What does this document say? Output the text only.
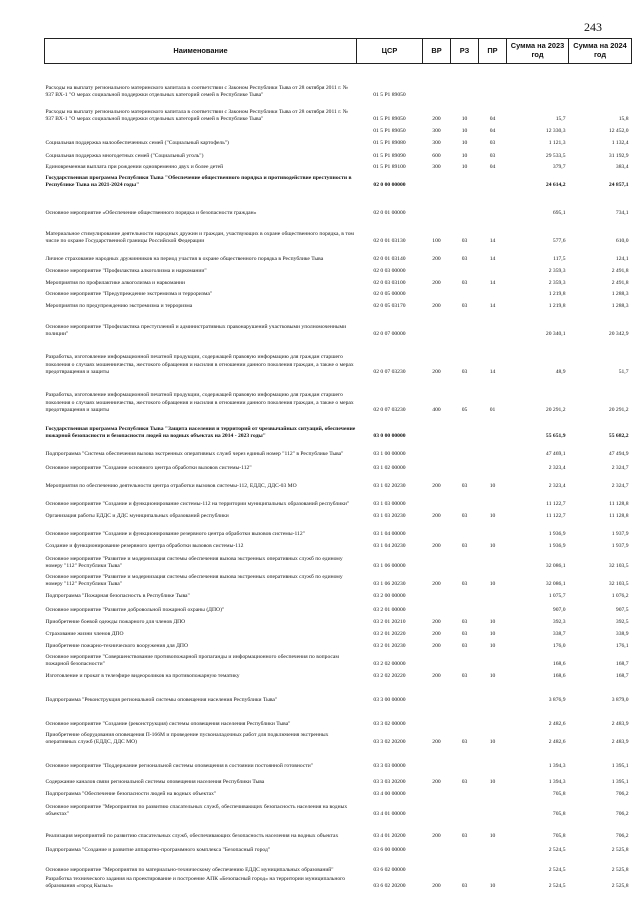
243
Наименование	ЦСР	ВР	РЗ	ПР	Сумма на 2023 год	Сумма на 2024 год
Расходы на выплату регионального материнского капитала в соответствии с Законом Республики Тыва от 28 октября 2011 г. № 937 ВХ-1 "О мерах социальной поддержки отдельных категорий семей в Республике Тыва"	01 5 P1 89050					
Расходы на выплату регионального материнского капитала в соответствии с Законом Республики Тыва от 28 октября 2011 г. № 937 ВХ-1 "О мерах социальной поддержки отдельных категорий семей в Республике Тыва"	01 5 P1 89050	200	10	04	15,7	15,8
	01 5 P1 89050	300	10	04	12 330,3	12 452,0
Социальная поддержка малообеспеченных семей ("Социальный картофель")	01 5 P1 89080	300	10	03	1 121,3	1 132,4
Социальная поддержка многодетных семей ("Социальный уголь")	01 5 P1 89090	600	10	03	29 533,5	31 192,9
Единовременная выплата при рождении одновременно двух и более детей	01 5 P1 89100	300	10	04	379,7	383,4
Государственная программа Республики Тыва "Обеспечение общественного порядка и противодействие преступности в Республике Тыва на 2021-2024 годы"	02 0 00 00000				24 614,2	24 857,1
Основное мероприятие «Обеспечение общественного порядка и безопасности граждан»	02 0 01 00000				695,1	734,1
Материальное стимулирование деятельности народных дружин и граждан, участвующих в охране общественного порядка, в том числе по охране Государственной границы Российской Федерации	02 0 01 03130	100	03	14	577,6	610,0
Личное страхование народных дружинников на период участия в охране общественного порядка в Республике Тыва	02 0 01 03140	200	03	14	117,5	124,1
Основное мероприятие "Профилактика алкоголизма и наркомании"	02 0 03 00000				2 359,3	2 491,8
Мероприятия по профилактике алкоголизма и наркомании	02 0 03 03100	200	03	14	2 359,3	2 491,8
Основное мероприятие "Предупреждение экстремизма и терроризма"	02 0 05 00000				1 219,8	1 288,3
Мероприятия по предупреждению экстремизма и терроризма	02 0 05 03170	200	03	14	1 219,8	1 288,3
Основное мероприятие "Профилактика преступлений и административных правонарушений участковыми уполномоченными полиции"	02 0 07 00000				20 340,1	20 342,9
Разработка, изготовление информационной печатной продукции, содержащей правовую информацию для граждан старшего поколения о случаях мошенничества, жестокого обращения и насилия в отношении данного поколения граждан, а также о мерах предотвращения и защиты	02 0 07 03230	200	03	14	48,9	51,7
Разработка, изготовление информационной печатной продукции, содержащей правовую информацию для граждан старшего поколения о случаях мошенничества, жестокого обращения и насилия в отношении данного поколения граждан, а также о мерах предотвращения и защиты	02 0 07 03230	400	05	01	20 291,2	20 291,2
Государственная программа Республики Тыва "Защита населения и территорий от чрезвычайных ситуаций, обеспечение пожарной безопасности и безопасности людей на водных объектах на 2014 - 2023 годы"	03 0 00 00000				55 651,9	55 682,2
Подпрограмма "Система обеспечения вызова экстренных оперативных служб через единый номер "112" в Республике Тыва"	03 1 00 00000				47 469,1	47 494,9
Основное мероприятие "Создание основного центра обработки вызовов системы-112"	03 1 02 00000				2 323,4	2 324,7
Мероприятия по обеспечению деятельности центра отработки вызовов системы-112, ЕДДС, ДДС-03 МО	03 1 02 20230	200	03	10	2 323,4	2 324,7
Основное мероприятие "Создание и функционирование системы-112 на территории муниципальных образований республики"	03 1 03 00000				11 122,7	11 128,8
Организация работы ЕДДС и ДДС муниципальных образований республики	03 1 03 20230	200	03	10	11 122,7	11 128,8
Основное мероприятие "Создание и функционирование резервного центра обработки вызовов системы-112"	03 1 04 00000				1 936,9	1 937,9
Создание и функционирование резервного центра обработки вызовов системы-112	03 1 04 20230	200	03	10	1 936,9	1 937,9
Основное мероприятие "Развитие и модернизация системы обеспечения вызова экстренных оперативных служб по единому номеру "112" Республики Тыва"	03 1 06 00000				32 086,1	32 103,5
Основное мероприятие "Развитие и модернизация системы обеспечения вызова экстренных оперативных служб по единому номеру "112" Республики Тыва"	03 1 06 20230	200	03	10	32 086,1	32 103,5
Подпрограмма "Пожарная безопасность в Республике Тыва"	03 2 00 00000				1 075,7	1 076,2
Основное мероприятие "Развитие добровольной пожарной охраны (ДПО)"	03 2 01 00000				907,0	907,5
Приобретение боевой одежды пожарного для членов ДПО	03 2 01 20210	200	03	10	392,3	392,5
Страхование жизни членов ДПО	03 2 01 20220	200	03	10	338,7	338,9
Приобретение пожарно-технического вооружения для ДПО	03 2 01 20230	200	03	10	176,0	176,1
Основное мероприятие "Совершенствование противопожарной пропаганды и информационного обеспечения по вопросам пожарной безопасности"	03 2 02 00000				168,6	168,7
Изготовление и прокат в телеэфире видеороликов на противопожарную тематику	03 2 02 20220	200	03	10	168,6	168,7
Подпрограмма "Реконструкция региональной системы оповещения населения Республики Тыва"	03 3 00 00000				3 876,9	3 879,0
Основное мероприятие "Создание (реконструкция) системы оповещения населения Республики Тыва"	03 3 02 00000				2 482,6	2 483,9
Приобретение оборудования оповещения П-166М и проведение пусконаладочных работ для подключения экстренных оперативных служб (ЕДДС, ДДС МО)	03 3 02 20200	200	03	10	2 482,6	2 483,9
Основное мероприятие "Поддержание региональной системы оповещения в состоянии постоянной готовности"	03 3 03 00000				1 394,3	1 395,1
Содержание каналов связи региональной системы оповещения населения Республики Тыва	03 3 03 20200	200	03	10	1 394,3	1 395,1
Подпрограмма "Обеспечение безопасности людей на водных объектах"	03 4 00 00000				705,8	706,2
Основное мероприятие "Мероприятия по развитию спасательных служб, обеспечивающих безопасность населения на водных объектах"	03 4 01 00000				705,8	706,2
Реализация мероприятий по развитию спасательных служб, обеспечивающих безопасность населения на водных объектах	03 4 01 20200	200	03	10	705,8	706,2
Подпрограмма "Создание и развитие аппаратно-программного комплекса "Безопасный город"	03 6 00 00000				2 524,5	2 525,8
Основное мероприятие "Мероприятия по материально-техническому обеспечению ЕДДС муниципальных образований"	03 6 02 00000				2 524,5	2 525,8
Разработка технического задания на проектирование и построение АПК «Безопасный город» на территории муниципального образования «город Кызыл»	03 6 02 20200	200	03	10	2 524,5	2 525,8
